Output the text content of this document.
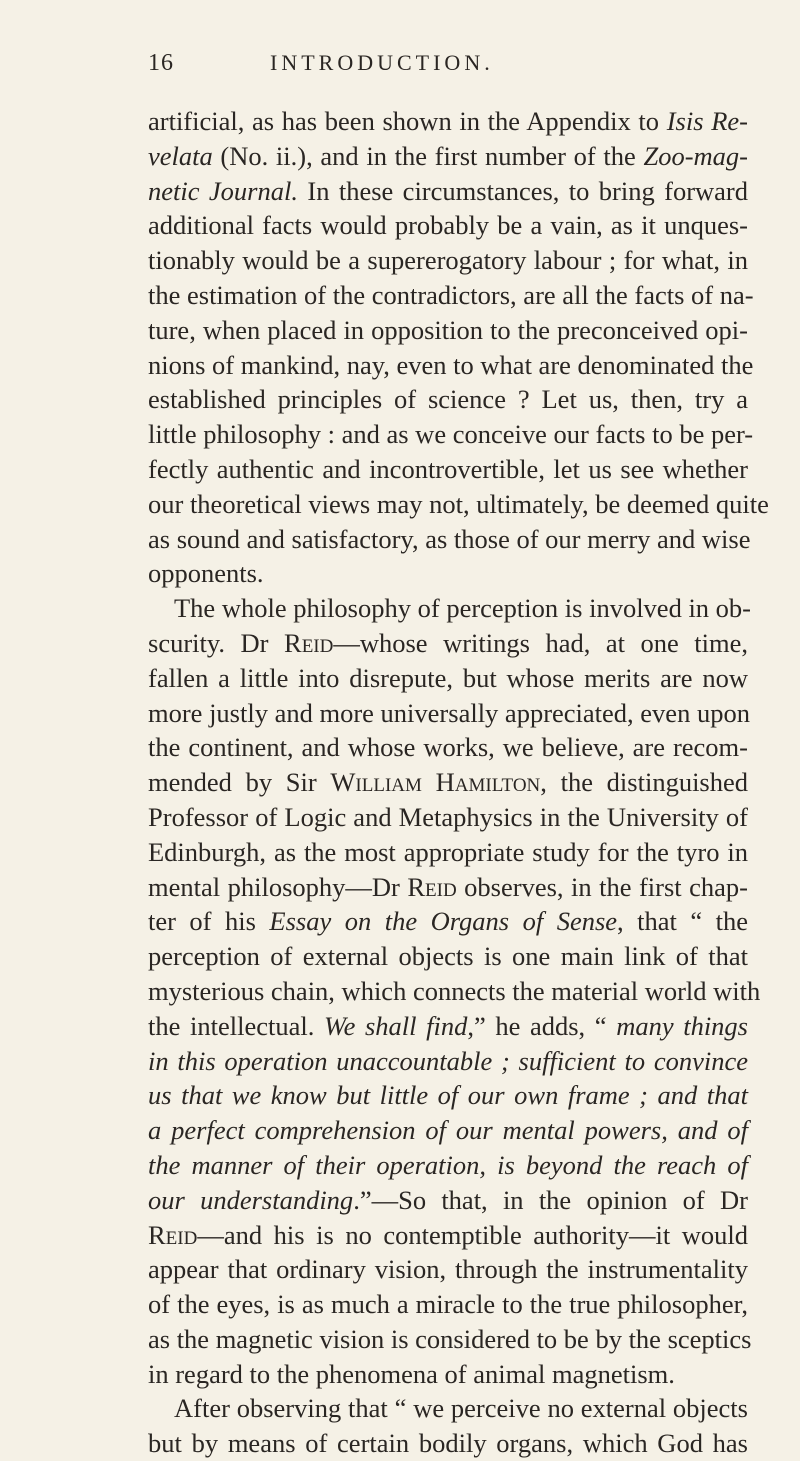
16	INTRODUCTION.
artificial, as has been shown in the Appendix to Isis Re-
velata (No. ii.), and in the first number of the Zoo-mag-
netic Journal. In these circumstances, to bring forward
additional facts would probably be a vain, as it unques-
tionably would be a supererogatory labour ; for what, in
the estimation of the contradictors, are all the facts of na-
ture, when placed in opposition to the preconceived opi-
nions of mankind, nay, even to what are denominated the
established principles of science ? Let us, then, try a
little philosophy : and as we conceive our facts to be per-
fectly authentic and incontrovertible, let us see whether
our theoretical views may not, ultimately, be deemed quite
as sound and satisfactory, as those of our merry and wise
opponents.
The whole philosophy of perception is involved in ob-
scurity. Dr Reid—whose writings had, at one time,
fallen a little into disrepute, but whose merits are now
more justly and more universally appreciated, even upon
the continent, and whose works, we believe, are recom-
mended by Sir William Hamilton, the distinguished
Professor of Logic and Metaphysics in the University of
Edinburgh, as the most appropriate study for the tyro in
mental philosophy—Dr Reid observes, in the first chap-
ter of his Essay on the Organs of Sense, that “ the
perception of external objects is one main link of that
mysterious chain, which connects the material world with
the intellectual. We shall find,” he adds, “ many things
in this operation unaccountable ; sufficient to convince
us that we know but little of our own frame ; and that
a perfect comprehension of our mental powers, and of
the manner of their operation, is beyond the reach of
our understanding.”—So that, in the opinion of Dr
Reid—and his is no contemptible authority—it would
appear that ordinary vision, through the instrumentality
of the eyes, is as much a miracle to the true philosopher,
as the magnetic vision is considered to be by the sceptics
in regard to the phenomena of animal magnetism.
After observing that “ we perceive no external objects
but by means of certain bodily organs, which God has
